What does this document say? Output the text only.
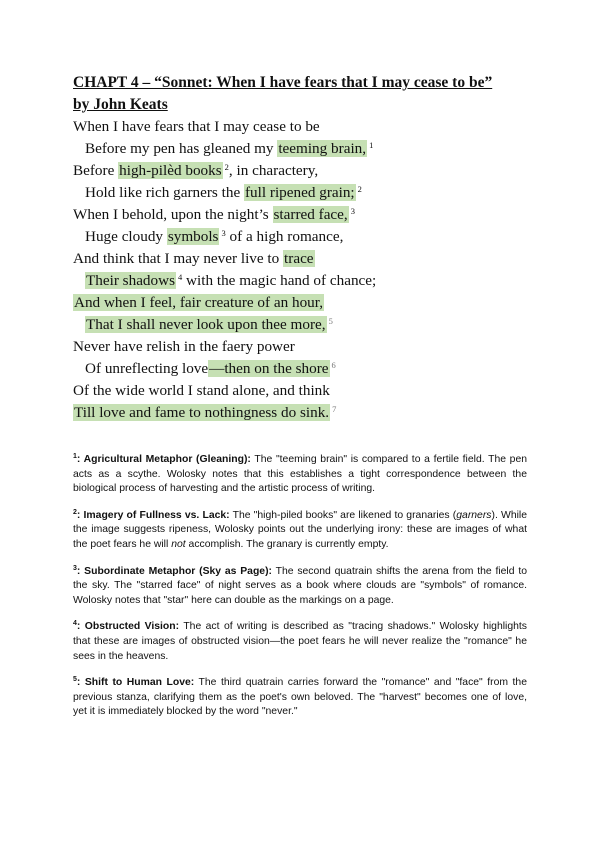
CHAPT 4 – “Sonnet: When I have fears that I may cease to be”
by John Keats
When I have fears that I may cease to be
Before my pen has gleaned my teeming brain, $^1$
Before high-pilèd books $^2$, in charactery,
Hold like rich garners the full ripened grain; $^2$
When I behold, upon the night’s starred face, $^3$
Huge cloudy symbols $^3$ of a high romance,
And think that I may never live to trace
Their shadows $^4$ with the magic hand of chance;
And when I feel, fair creature of an hour,
That I shall never look upon thee more, $^5$
Never have relish in the faery power
Of unreflecting love—then on the shore $^6$
Of the wide world I stand alone, and think
Till love and fame to nothingness do sink. $^7$

$^1$: Agricultural Metaphor (Gleaning): The "teeming brain" is compared to a fertile field. The pen acts as a scythe. Wolosky notes that this establishes a tight correspondence between the biological process of harvesting and the artistic process of writing.

$^2$: Imagery of Fullness vs. Lack: The "high-piled books" are likened to granaries (garners). While the image suggests ripeness, Wolosky points out the underlying irony: these are images of what the poet fears he will not accomplish. The granary is currently empty.

$^3$: Subordinate Metaphor (Sky as Page): The second quatrain shifts the arena from the field to the sky. The "starred face" of night serves as a book where clouds are "symbols" of romance. Wolosky notes that "star" here can double as the markings on a page.

$^4$: Obstructed Vision: The act of writing is described as "tracing shadows." Wolosky highlights that these are images of obstructed vision—the poet fears he will never realize the "romance" he sees in the heavens.

$^5$: Shift to Human Love: The third quatrain carries forward the "romance" and "face" from the previous stanza, clarifying them as the poet's own beloved. The "harvest" becomes one of love, yet it is immediately blocked by the word "never."
